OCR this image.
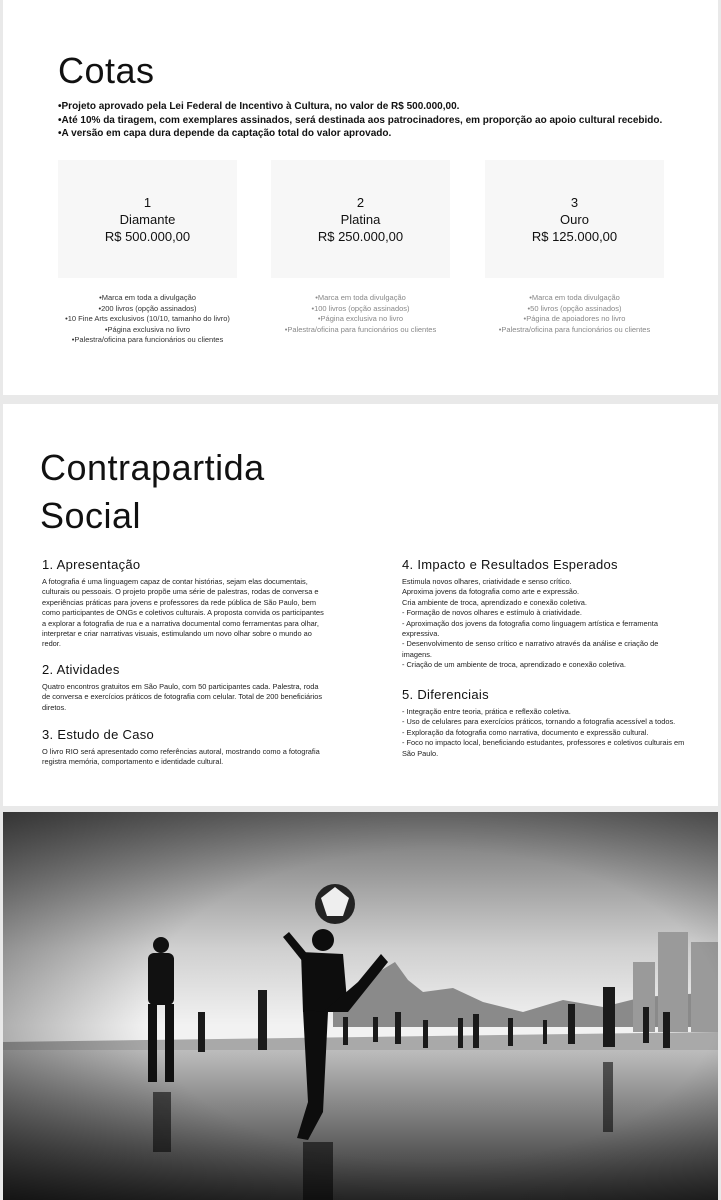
Cotas
• Projeto aprovado pela Lei Federal de Incentivo à Cultura, no valor de R$ 500.000,00.
• Até 10% da tiragem, com exemplares assinados, será destinada aos patrocinadores, em proporção ao apoio cultural recebido.
• A versão em capa dura depende da captação total do valor aprovado.
1
Diamante
R$ 500.000,00
2
Platina
R$ 250.000,00
3
Ouro
R$ 125.000,00
• Marca em toda a divulgação
• 200 livros (opção assinados)
• 10 Fine Arts exclusivos (10/10, tamanho do livro)
• Página exclusiva no livro
• Palestra/oficina para funcionários ou clientes
• Marca em toda divulgação
• 100 livros (opção assinados)
• Página exclusiva no livro
• Palestra/oficina para funcionários ou clientes
• Marca em toda divulgação
• 50 livros (opção assinados)
• Página de apoiadores no livro
• Palestra/oficina para funcionários ou clientes
Contrapartida
Social
1. Apresentação

A fotografia é uma linguagem capaz de contar histórias, sejam elas documentais, culturais ou pessoais. O projeto propõe uma série de palestras, rodas de conversa e experiências práticas para jovens e professores da rede pública de São Paulo, bem como participantes de ONGs e coletivos culturais. A proposta convida os participantes a explorar a fotografia de rua e a narrativa documental como ferramentas para olhar, interpretar e criar narrativas visuais, estimulando um novo olhar sobre o mundo ao redor.

2. Atividades

Quatro encontros gratuitos em São Paulo, com 50 participantes cada. Palestra, roda de conversa e exercícios práticos de fotografia com celular. Total de 200 beneficiários diretos.

3. Estudo de Caso

O livro RIO será apresentado como referências autoral, mostrando como a fotografia registra memória, comportamento e identidade cultural.

4. Impacto e Resultados Esperados

Estimula novos olhares, criatividade e senso crítico.
Aproxima jovens da fotografia como arte e expressão.
Cria ambiente de troca, aprendizado e conexão coletiva.
- Formação de novos olhares e estímulo à criatividade.
- Aproximação dos jovens da fotografia como linguagem artística e ferramenta expressiva.
- Desenvolvimento de senso crítico e narrativo através da análise e criação de imagens.
- Criação de um ambiente de troca, aprendizado e conexão coletiva.

5. Diferenciais

- Integração entre teoria, prática e reflexão coletiva.
- Uso de celulares para exercícios práticos, tornando a fotografia acessível a todos.
- Exploração da fotografia como narrativa, documento e expressão cultural.
- Foco no impacto local, beneficiando estudantes, professores e coletivos culturais em São Paulo.
